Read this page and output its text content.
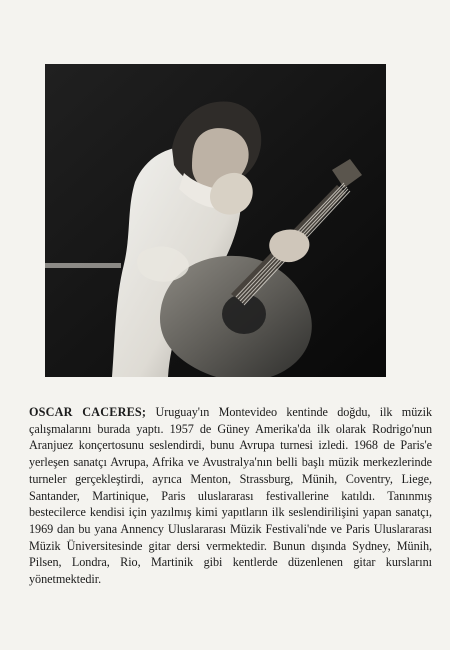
OSCAR CACERES; Uruguay'ın Montevideo kentinde doğdu, ilk müzik çalışmalarını burada yaptı. 1957 de Güney Amerika'da ilk olarak Rodrigo'nun Aranjuez konçertosunu seslendirdi, bunu Avrupa turnesi izledi. 1968 de Paris'e yerleşen sanatçı Avrupa, Afrika ve Avustralya'nın belli başlı müzik merkezlerinde turneler gerçekleştirdi, ayrıca Menton, Strassburg, Münih, Coventry, Liege, Santander, Martinique, Paris uluslararası festivallerine katıldı. Tanınmış bestecilerce kendisi için yazılmış kimi yapıtların ilk seslendirilişini yapan sanatçı, 1969 dan bu yana Annency Uluslararası Müzik Festivali'nde ve Paris Uluslararası Müzik Üniversitesinde gitar dersi vermektedir. Bunun dışında Sydney, Münih, Pilsen, Londra, Rio, Martinik gibi kentlerde düzenlenen gitar kurslarını yönetmektedir.
